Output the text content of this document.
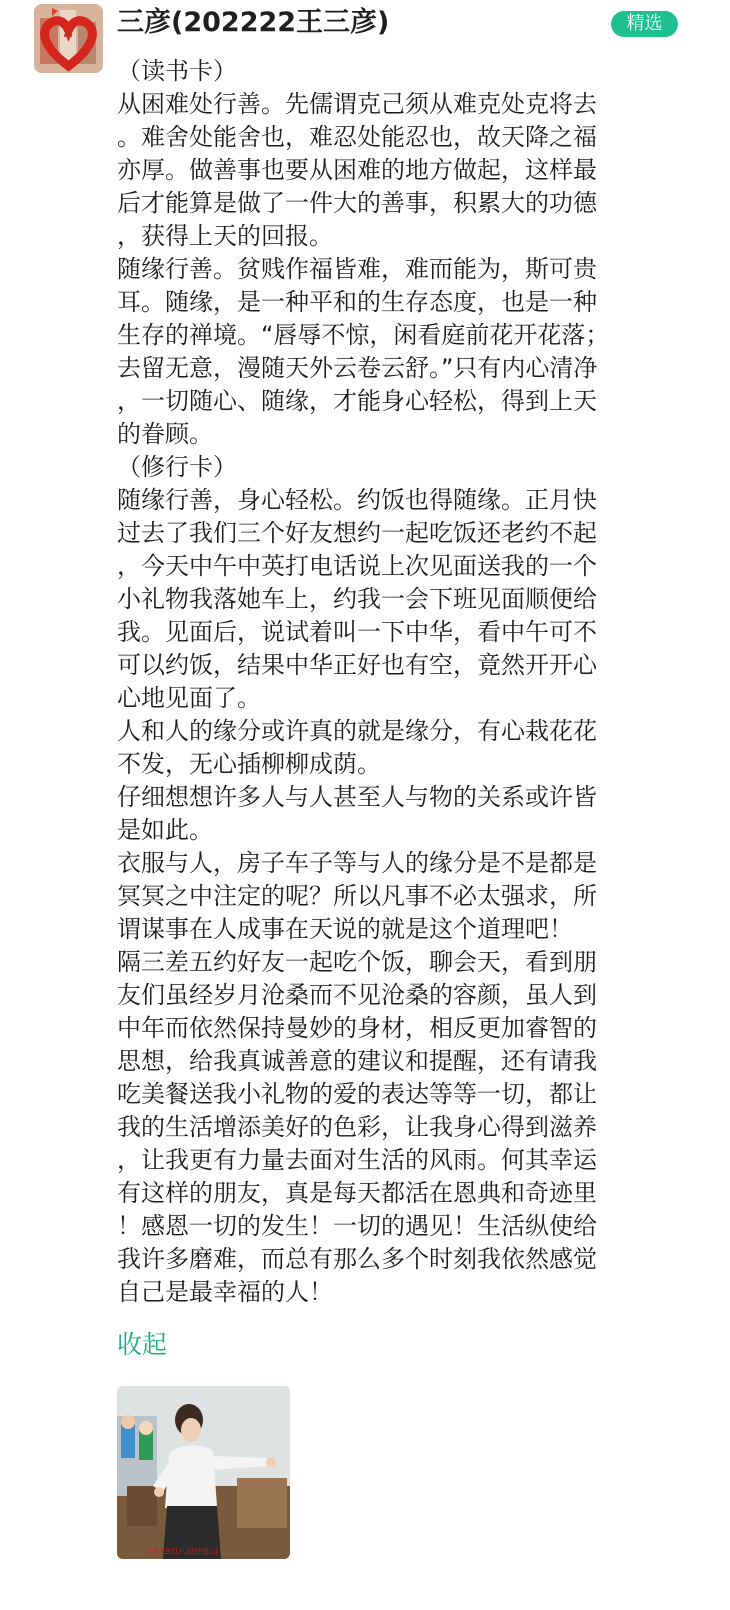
三彦(202222王三彦)	精选
（读书卡）
从困难处行善。先儒谓克己须从难克处克将去
。难舍处能舍也，难忍处能忍也，故天降之福
亦厚。做善事也要从困难的地方做起，这样最
后才能算是做了一件大的善事，积累大的功德
，获得上天的回报。
随缘行善。贫贱作福皆难，难而能为，斯可贵
耳。随缘，是一种平和的生存态度，也是一种
生存的禅境。“唇辱不惊，闲看庭前花开花落；
去留无意，漫随天外云卷云舒。”只有内心清净
，一切随心、随缘，才能身心轻松，得到上天
的眷顾。
（修行卡）
随缘行善，身心轻松。约饭也得随缘。正月快
过去了我们三个好友想约一起吃饭还老约不起
，今天中午中英打电话说上次见面送我的一个
小礼物我落她车上，约我一会下班见面顺便给
我。见面后，说试着叫一下中华，看中午可不
可以约饭，结果中华正好也有空，竟然开开心
心地见面了。
人和人的缘分或许真的就是缘分，有心栽花花
不发，无心插柳柳成荫。
仔细想想许多人与人甚至人与物的关系或许皆
是如此。
衣服与人，房子车子等与人的缘分是不是都是
冥冥之中注定的呢？所以凡事不必太强求，所
谓谋事在人成事在天说的就是这个道理吧！
隔三差五约好友一起吃个饭，聊会天，看到朋
友们虽经岁月沧桑而不见沧桑的容颜，虽人到
中年而依然保持曼妙的身材，相反更加睿智的
思想，给我真诚善意的建议和提醒，还有请我
吃美餐送我小礼物的爱的表达等等一切，都让
我的生活增添美好的色彩，让我身心得到滋养
，让我更有力量去面对生活的风雨。何其幸运
有这样的朋友，真是每天都活在恩典和奇迹里
！感恩一切的发生！一切的遇见！生活纵使给
我许多磨难，而总有那么多个时刻我依然感觉
自己是最幸福的人！
收起
2月19日八段锦练习
